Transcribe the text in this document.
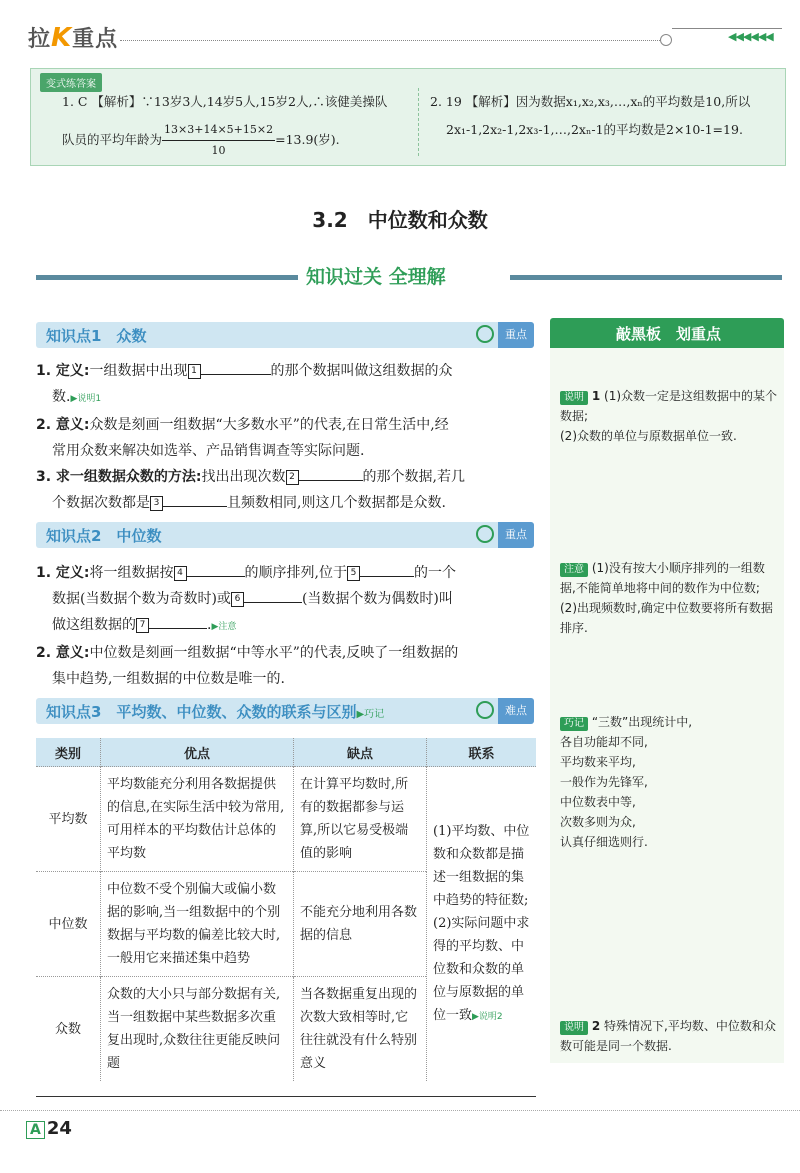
拉K重点	◀◀◀◀◀◀
变式练答案
1. C 【解析】∵13岁3人,14岁5人,15岁2人,∴该健美操队
队员的平均年龄为 $\frac{13\times 3+14\times 5+15\times 2}{10} =13.9$(岁).
2. 19 【解析】因为数据x₁,x₂,x₃,…,xₙ的平均数是10,所以
2x₁-1,2x₂-1,2x₃-1,…,2xₙ-1的平均数是2×10-1=19.
3.2　中位数和众数
知识过关 全理解
知识点1　众数	重点
1. 定义:一组数据中出现 1	的那个数据叫做这组数据的众
数.▶说明1
2. 意义:众数是刻画一组数据“大多数水平”的代表,在日常生活中,经
常用众数来解决如选举、产品销售调查等实际问题.
3. 求一组数据众数的方法:找出出现次数 2	的那个数据,若几
个数据次数都是 3	且频数相同,则这几个数据都是众数.
知识点2　中位数	重点
1. 定义:将一组数据按 4	的顺序排列,位于 5	的一个
数据(当数据个数为奇数时)或 6	(当数据个数为偶数时)叫
做这组数据的 7	.▶注意
2. 意义:中位数是刻画一组数据“中等水平”的代表,反映了一组数据的
集中趋势,一组数据的中位数是唯一的.
知识点3　平均数、中位数、众数的联系与区别▶巧记	难点
类别	优点	缺点	联系
平均数	平均数能充分利用各数据提供的信息,在实际生活中较为常用,可用样本的平均数估计总体的平均数	在计算平均数时,所有的数据都参与运算,所以它易受极端值的影响	(1)平均数、中位数和众数都是描述一组数据的集中趋势的特征数;(2)实际问题中求得的平均数、中位数和众数的单位与原数据的单位一致▶说明2
中位数	中位数不受个别偏大或偏小数据的影响,当一组数据中的个别数据与平均数的偏差比较大时,一般用它来描述集中趋势	不能充分地利用各数据的信息	
众数	众数的大小只与部分数据有关,当一组数据中某些数据多次重复出现时,众数往往更能反映问题	当各数据重复出现的次数大致相等时,它往往就没有什么特别意义	
敲黑板　划重点
说明 1 (1)众数一定是这组数据中的某个数据;
(2)众数的单位与原数据单位一致.
注意 (1)没有按大小顺序排列的一组数据,不能简单地将中间的数作为中位数;
(2)出现频数时,确定中位数要将所有数据排序.
巧记 “三数”出现统计中,
各自功能却不同,
平均数来平均,
一般作为先锋军,
中位数表中等,
次数多则为众,
认真仔细选则行.
说明 2 特殊情况下,平均数、中位数和众数可能是同一个数据.
A 24
